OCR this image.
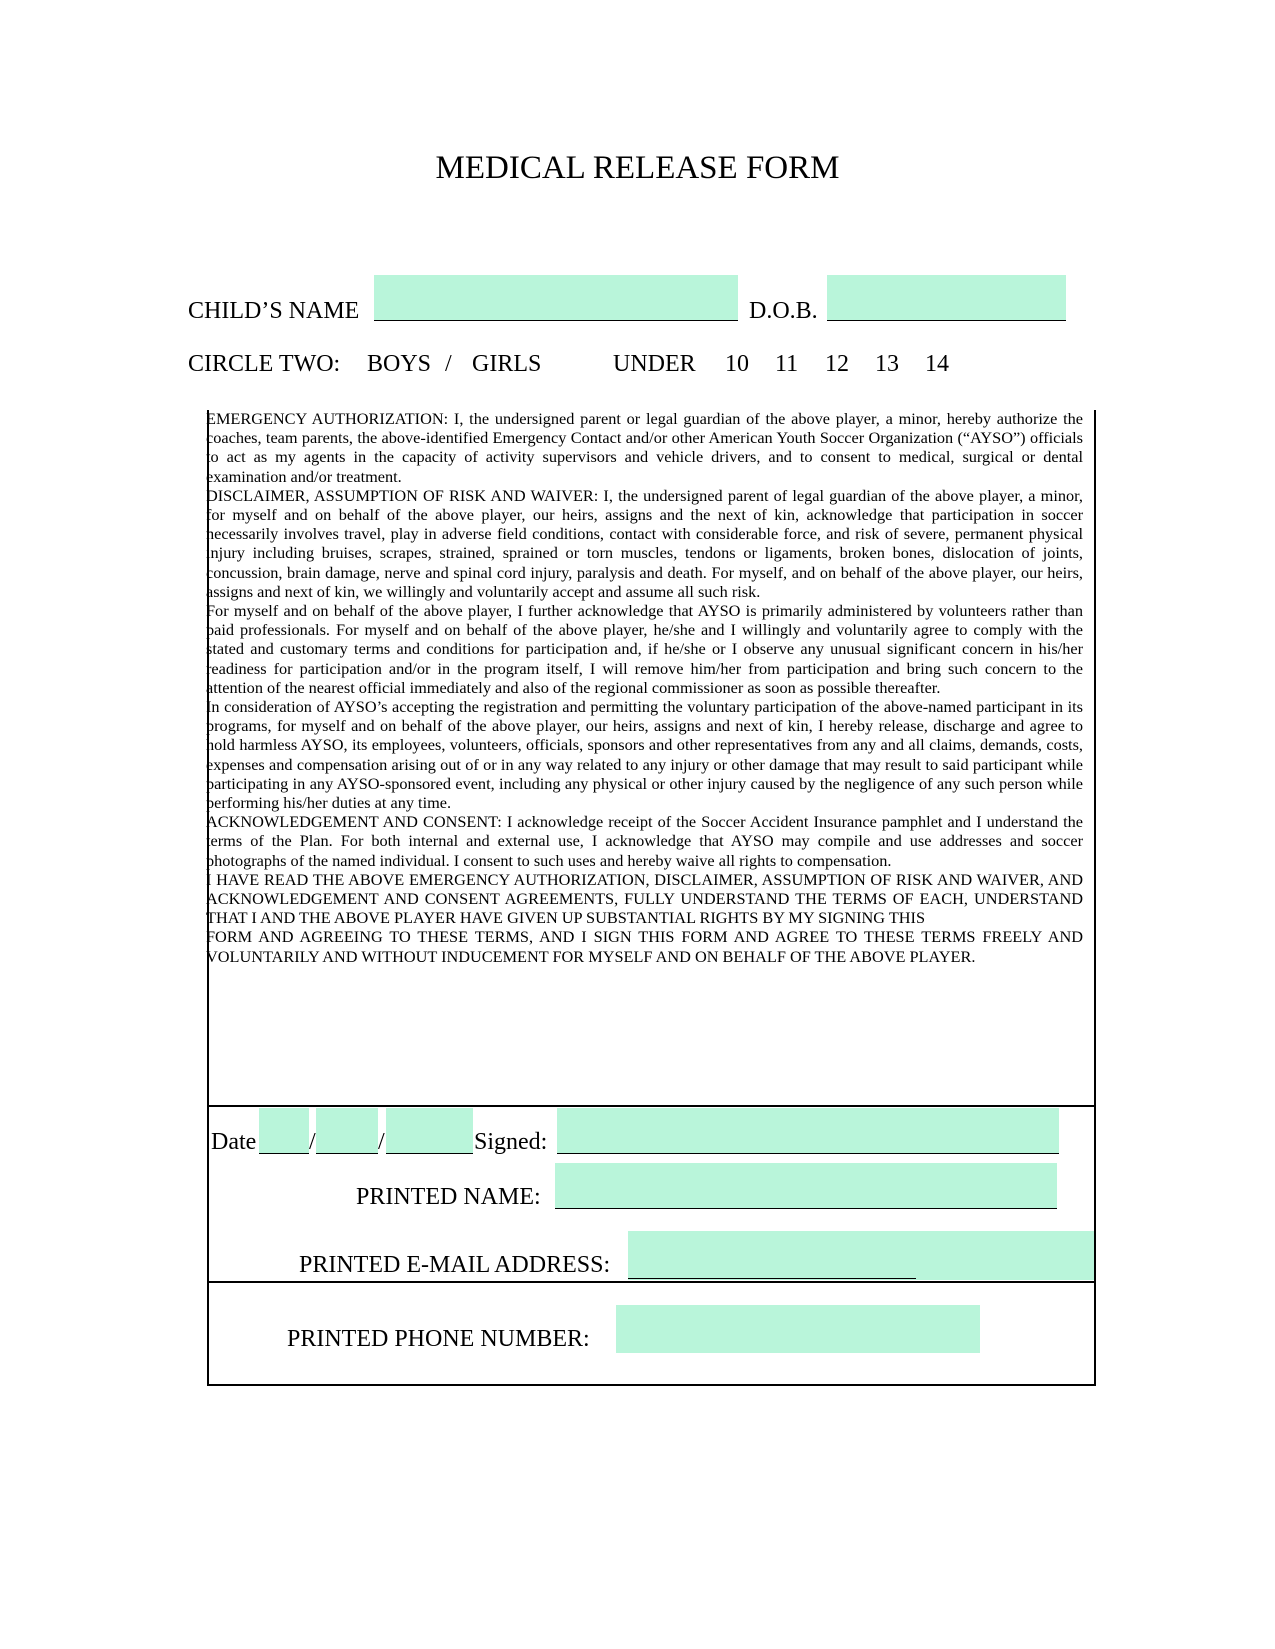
MEDICAL RELEASE FORM
CHILD’S NAME	D.O.B.
CIRCLE TWO: BOYS / GIRLS	UNDER 10 11 12 13 14

EMERGENCY AUTHORIZATION: I, the undersigned parent or legal guardian of the above player, a minor, hereby authorize the coaches, team parents, the above-identified Emergency Contact and/or other American Youth Soccer Organization (“AYSO”) officials to act as my agents in the capacity of activity supervisors and vehicle drivers, and to consent to medical, surgical or dental examination and/or treatment.

DISCLAIMER, ASSUMPTION OF RISK AND WAIVER: I, the undersigned parent of legal guardian of the above player, a minor, for myself and on behalf of the above player, our heirs, assigns and the next of kin, acknowledge that participation in soccer necessarily involves travel, play in adverse field conditions, contact with considerable force, and risk of severe, permanent physical injury including bruises, scrapes, strained, sprained or torn muscles, tendons or ligaments, broken bones, dislocation of joints, concussion, brain damage, nerve and spinal cord injury, paralysis and death. For myself, and on behalf of the above player, our heirs, assigns and next of kin, we willingly and voluntarily accept and assume all such risk.

For myself and on behalf of the above player, I further acknowledge that AYSO is primarily administered by volunteers rather than paid professionals. For myself and on behalf of the above player, he/she and I willingly and voluntarily agree to comply with the stated and customary terms and conditions for participation and, if he/she or I observe any unusual significant concern in his/her readiness for participation and/or in the program itself, I will remove him/her from participation and bring such concern to the attention of the nearest official immediately and also of the regional commissioner as soon as possible thereafter.

In consideration of AYSO’s accepting the registration and permitting the voluntary participation of the above-named participant in its programs, for myself and on behalf of the above player, our heirs, assigns and next of kin, I hereby release, discharge and agree to hold harmless AYSO, its employees, volunteers, officials, sponsors and other representatives from any and all claims, demands, costs, expenses and compensation arising out of or in any way related to any injury or other damage that may result to said participant while participating in any AYSO-sponsored event, including any physical or other injury caused by the negligence of any such person while performing his/her duties at any time.

ACKNOWLEDGEMENT AND CONSENT: I acknowledge receipt of the Soccer Accident Insurance pamphlet and I understand the terms of the Plan. For both internal and external use, I acknowledge that AYSO may compile and use addresses and soccer photographs of the named individual. I consent to such uses and hereby waive all rights to compensation.

I HAVE READ THE ABOVE EMERGENCY AUTHORIZATION, DISCLAIMER, ASSUMPTION OF RISK AND WAIVER, AND ACKNOWLEDGEMENT AND CONSENT AGREEMENTS, FULLY UNDERSTAND THE TERMS OF EACH, UNDERSTAND THAT I AND THE ABOVE PLAYER HAVE GIVEN UP SUBSTANTIAL RIGHTS BY MY SIGNING THIS

FORM AND AGREEING TO THESE TERMS, AND I SIGN THIS FORM AND AGREE TO THESE TERMS FREELY AND VOLUNTARILY AND WITHOUT INDUCEMENT FOR MYSELF AND ON BEHALF OF THE ABOVE PLAYER.

Date /	/	Signed:
PRINTED NAME:
PRINTED E-MAIL ADDRESS:
PRINTED PHONE NUMBER:
